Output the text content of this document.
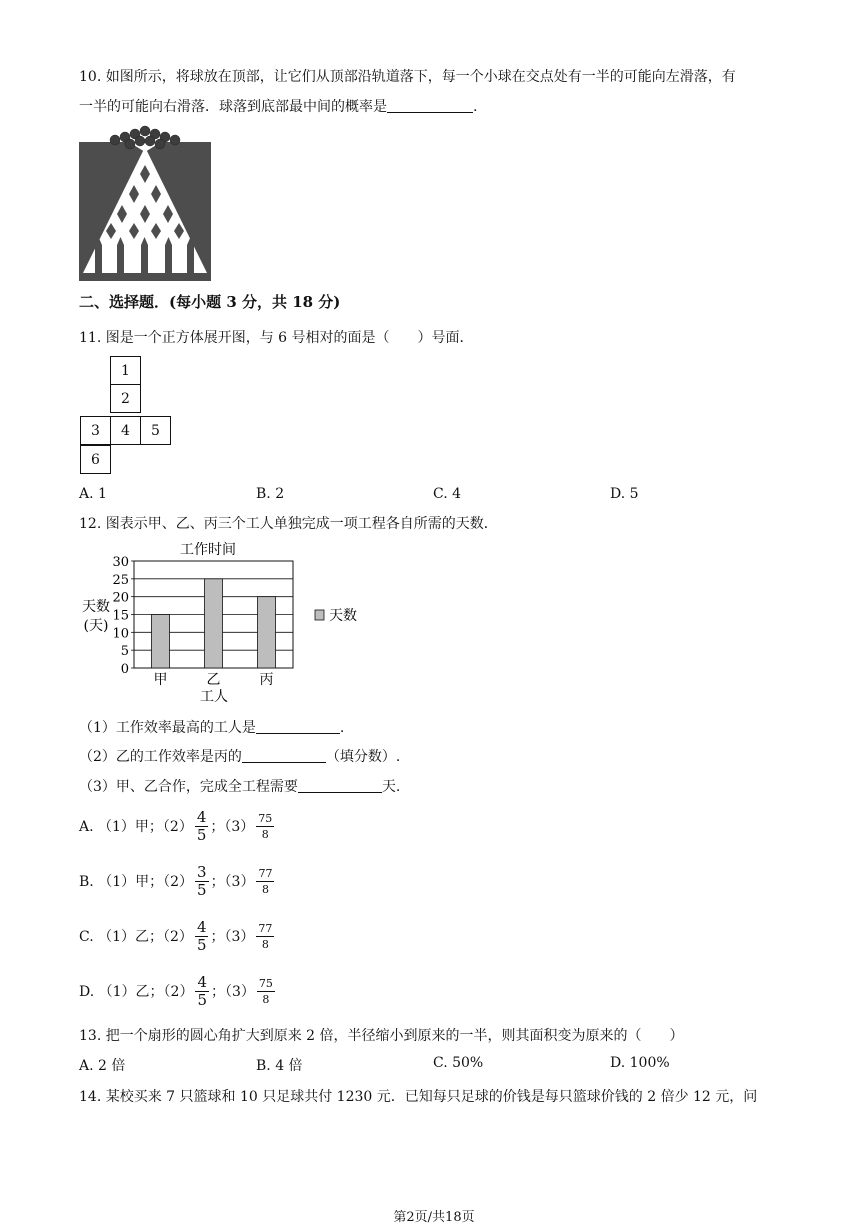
10. 如图所示，将球放在顶部，让它们从顶部沿轨道落下，每一个小球在交点处有一半的可能向左滑落，有
一半的可能向右滑落．球落到底部最中间的概率是	.
二、选择题．(每小题 3 分，共 18 分)
11. 图是一个正方体展开图，与 6 号相对的面是（　　）号面．
1
2
3	4	5
6
A. 1	B. 2	C. 4	D. 5
12. 图表示甲、乙、丙三个工人单独完成一项工程各自所需的天数．
工作时间
0
5
10
15
20
25
30
甲	乙	丙
天数
(天)
工人
天数
（1）工作效率最高的工人是	.
（2）乙的工作效率是丙的	（填分数）.
（3）甲、乙合作，完成全工程需要	天.
A. （1）甲；$(2) \frac{4}{5}$ ；$(3) \frac{75}{8}$
B. （1）甲；$(2) \frac{3}{5}$ ；$(3) \frac{77}{8}$
C. （1）乙；$(2) \frac{4}{5}$ ；$(3) \frac{77}{8}$
D. （1）乙；$(2) \frac{4}{5}$ ；$(3) \frac{75}{8}$
13. 把一个扇形的圆心角扩大到原来 2 倍，半径缩小到原来的一半，则其面积变为原来的（　　）
A. 2 倍	B. 4 倍	C. 50%	D. 100%
14. 某校买来 7 只篮球和 10 只足球共付 1230 元．已知每只足球的价钱是每只篮球价钱的 2 倍少 12 元，问
第2页/共18页
